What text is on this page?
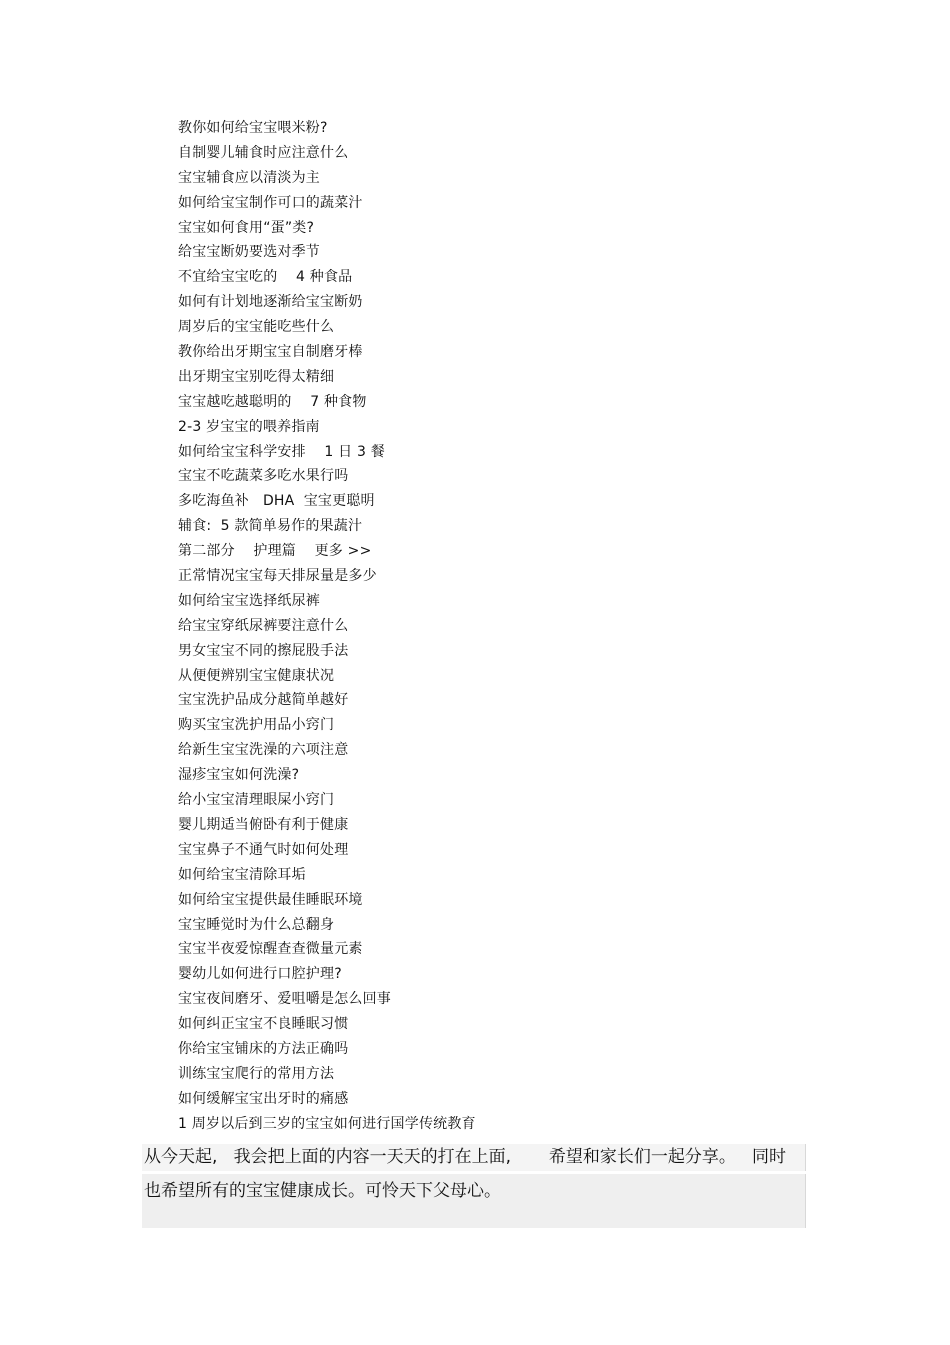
教你如何给宝宝喂米粉?
自制婴儿辅食时应注意什么
宝宝辅食应以清淡为主
如何给宝宝制作可口的蔬菜汁
宝宝如何食用“蛋”类?
给宝宝断奶要选对季节
不宜给宝宝吃的    4 种食品
如何有计划地逐渐给宝宝断奶
周岁后的宝宝能吃些什么
教你给出牙期宝宝自制磨牙棒
出牙期宝宝别吃得太精细
宝宝越吃越聪明的    7 种食物
2-3 岁宝宝的喂养指南
如何给宝宝科学安排    1 日 3 餐
宝宝不吃蔬菜多吃水果行吗
多吃海鱼补   DHA  宝宝更聪明
辅食:  5 款简单易作的果蔬汁
第二部分    护理篇    更多 >>
正常情况宝宝每天排尿量是多少
如何给宝宝选择纸尿裤
给宝宝穿纸尿裤要注意什么
男女宝宝不同的擦屁股手法
从便便辨别宝宝健康状况
宝宝洗护品成分越简单越好
购买宝宝洗护用品小窍门
给新生宝宝洗澡的六项注意
湿疹宝宝如何洗澡?
给小宝宝清理眼屎小窍门
婴儿期适当俯卧有利于健康
宝宝鼻子不通气时如何处理
如何给宝宝清除耳垢
如何给宝宝提供最佳睡眠环境
宝宝睡觉时为什么总翻身
宝宝半夜爱惊醒查查微量元素
婴幼儿如何进行口腔护理?
宝宝夜间磨牙、爱咀嚼是怎么回事
如何纠正宝宝不良睡眠习惯
你给宝宝铺床的方法正确吗
训练宝宝爬行的常用方法
如何缓解宝宝出牙时的痛感
1 周岁以后到三岁的宝宝如何进行国学传统教育
从今天起,   我会把上面的内容一天天的打在上面,       希望和家长们一起分享。   同时
也希望所有的宝宝健康成长。可怜天下父母心。
